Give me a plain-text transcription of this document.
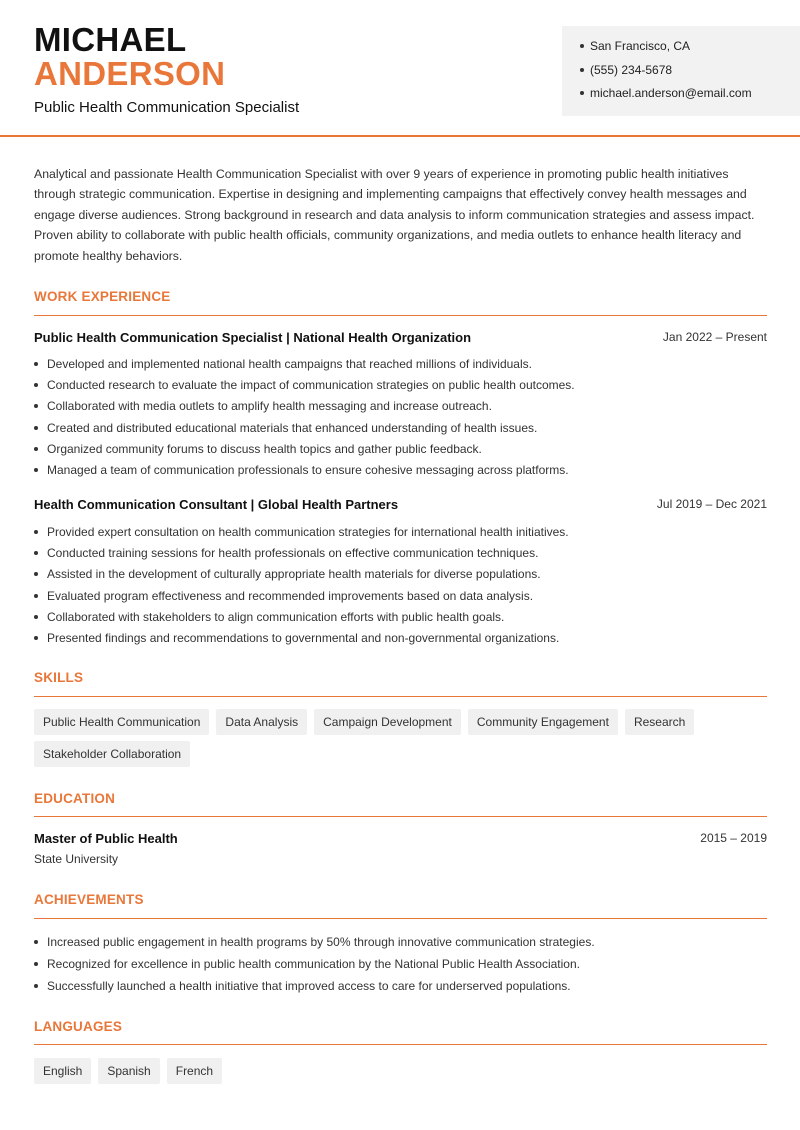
MICHAEL
ANDERSON
Public Health Communication Specialist
San Francisco, CA
(555) 234-5678
michael.anderson@email.com

Analytical and passionate Health Communication Specialist with over 9 years of experience in promoting public health initiatives through strategic communication. Expertise in designing and implementing campaigns that effectively convey health messages and engage diverse audiences. Strong background in research and data analysis to inform communication strategies and assess impact. Proven ability to collaborate with public health officials, community organizations, and media outlets to enhance health literacy and promote healthy behaviors.

WORK EXPERIENCE
Public Health Communication Specialist | National Health Organization	Jan 2022 – Present
Developed and implemented national health campaigns that reached millions of individuals.
Conducted research to evaluate the impact of communication strategies on public health outcomes.
Collaborated with media outlets to amplify health messaging and increase outreach.
Created and distributed educational materials that enhanced understanding of health issues.
Organized community forums to discuss health topics and gather public feedback.
Managed a team of communication professionals to ensure cohesive messaging across platforms.
Health Communication Consultant | Global Health Partners	Jul 2019 – Dec 2021
Provided expert consultation on health communication strategies for international health initiatives.
Conducted training sessions for health professionals on effective communication techniques.
Assisted in the development of culturally appropriate health materials for diverse populations.
Evaluated program effectiveness and recommended improvements based on data analysis.
Collaborated with stakeholders to align communication efforts with public health goals.
Presented findings and recommendations to governmental and non-governmental organizations.
SKILLS
Public Health Communication	Data Analysis	Campaign Development	Community Engagement	Research
Stakeholder Collaboration
EDUCATION
Master of Public Health	2015 – 2019
State University
ACHIEVEMENTS
Increased public engagement in health programs by 50% through innovative communication strategies.
Recognized for excellence in public health communication by the National Public Health Association.
Successfully launched a health initiative that improved access to care for underserved populations.
LANGUAGES
English	Spanish	French
